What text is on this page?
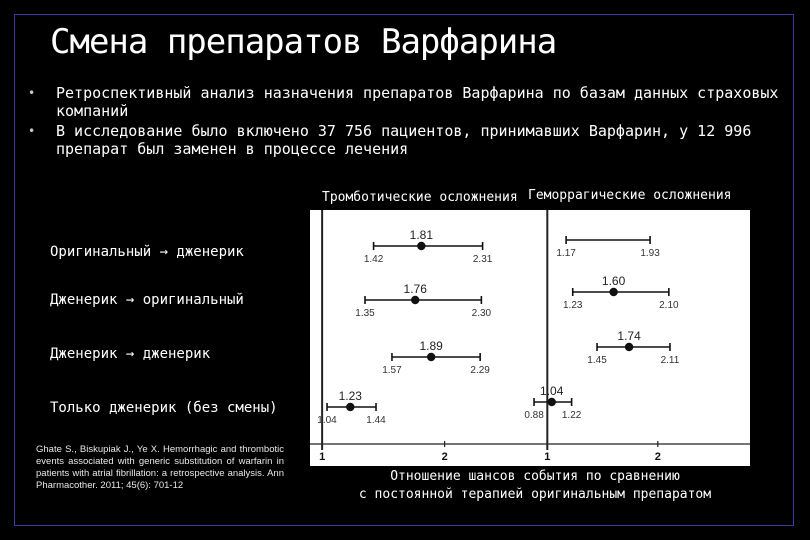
Смена препаратов Варфарина
• Ретроспективный анализ назначения препаратов Варфарина по базам данных страховых компаний
• В исследование было включено 37 756 пациентов, принимавших Варфарин, у 12 996 препарат был заменен в процессе лечения
Тромботические осложнения Геморрагические осложнения
1	2
1.42	2.31
1.81
1.35	2.30
1.76
1.57	2.29
1.89
1.04	1.44
1.23
1	2
1.17	1.93
1.23	2.10
1.60
1.45	2.11
1.74
0.88 1.22
1.04
Оригинальный → дженерик
Дженерик → оригинальный
Дженерик → дженерик
Только дженерик (без смены)
Ghate S., Biskupiak J., Ye X. Hemorrhagic and thrombotic events associated with generic substitution of warfarin in patients with atrial fibrillation: a retrospective analysis. Ann Pharmacother. 2011; 45(6): 701-12
Отношение шансов события по сравнению
с постоянной терапией оригинальным препаратом
